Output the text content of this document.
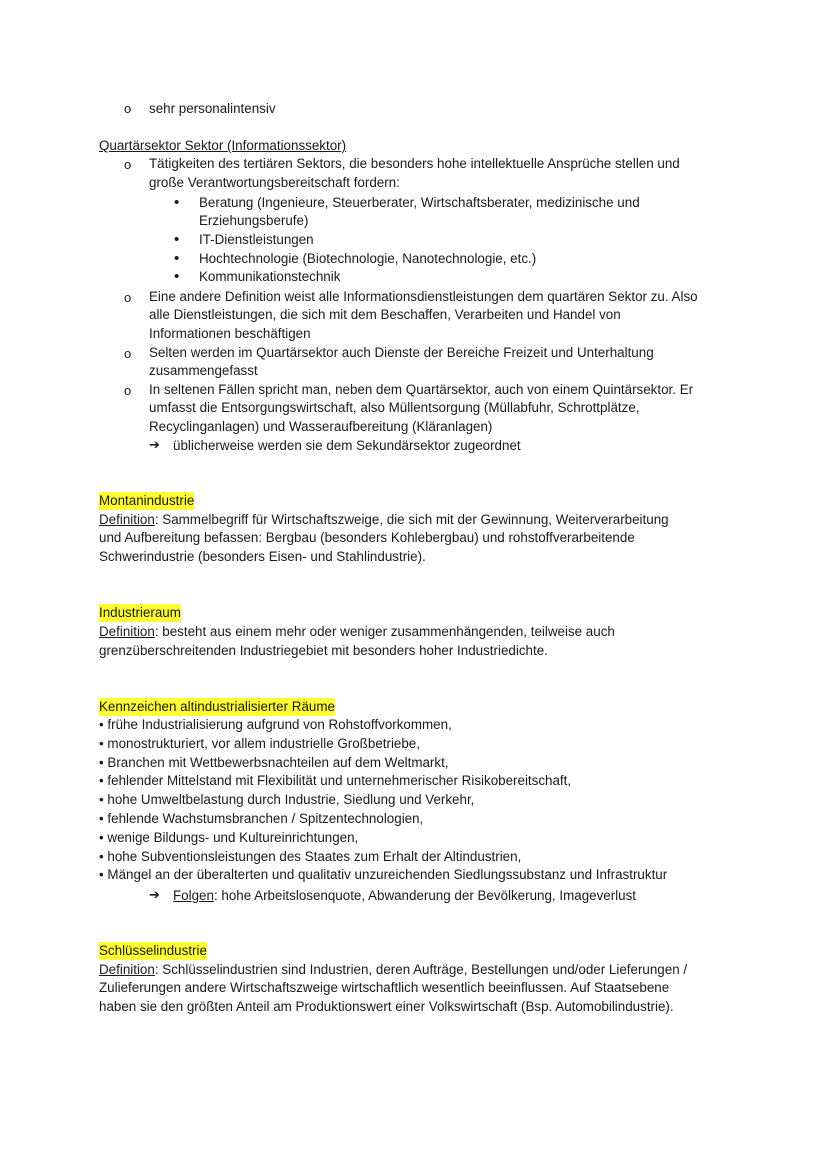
o sehr personalintensiv
Quartärsektor Sektor (Informationssektor)
o Tätigkeiten des tertiären Sektors, die besonders hohe intellektuelle Ansprüche stellen und
große Verantwortungsbereitschaft fordern:
• Beratung (Ingenieure, Steuerberater, Wirtschaftsberater, medizinische und
Erziehungsberufe)
• IT-Dienstleistungen
• Hochtechnologie (Biotechnologie, Nanotechnologie, etc.)
• Kommunikationstechnik
o Eine andere Definition weist alle Informationsdienstleistungen dem quartären Sektor zu. Also
alle Dienstleistungen, die sich mit dem Beschaffen, Verarbeiten und Handel von
Informationen beschäftigen
o Selten werden im Quartärsektor auch Dienste der Bereiche Freizeit und Unterhaltung
zusammengefasst
o In seltenen Fällen spricht man, neben dem Quartärsektor, auch von einem Quintärsektor. Er
umfasst die Entsorgungswirtschaft, also Müllentsorgung (Müllabfuhr, Schrottplätze,
Recyclinganlagen) und Wasseraufbereitung (Kläranlagen)
➔ üblicherweise werden sie dem Sekundärsektor zugeordnet
Montanindustrie
Definition: Sammelbegriff für Wirtschaftszweige, die sich mit der Gewinnung, Weiterverarbeitung
und Aufbereitung befassen: Bergbau (besonders Kohlebergbau) und rohstoffverarbeitende
Schwerindustrie (besonders Eisen- und Stahlindustrie).
Industrieraum
Definition: besteht aus einem mehr oder weniger zusammenhängenden, teilweise auch
grenzüberschreitenden Industriegebiet mit besonders hoher Industriedichte.
Kennzeichen altindustrialisierter Räume
• frühe Industrialisierung aufgrund von Rohstoffvorkommen,
• monostrukturiert, vor allem industrielle Großbetriebe,
• Branchen mit Wettbewerbsnachteilen auf dem Weltmarkt,
• fehlender Mittelstand mit Flexibilität und unternehmerischer Risikobereitschaft,
• hohe Umweltbelastung durch Industrie, Siedlung und Verkehr,
• fehlende Wachstumsbranchen / Spitzentechnologien,
• wenige Bildungs- und Kultureinrichtungen,
• hohe Subventionsleistungen des Staates zum Erhalt der Altindustrien,
• Mängel an der überalterten und qualitativ unzureichenden Siedlungssubstanz und Infrastruktur
➔ Folgen: hohe Arbeitslosenquote, Abwanderung der Bevölkerung, Imageverlust
Schlüsselindustrie
Definition: Schlüsselindustrien sind Industrien, deren Aufträge, Bestellungen und/oder Lieferungen /
Zulieferungen andere Wirtschaftszweige wirtschaftlich wesentlich beeinflussen. Auf Staatsebene
haben sie den größten Anteil am Produktionswert einer Volkswirtschaft (Bsp. Automobilindustrie).
